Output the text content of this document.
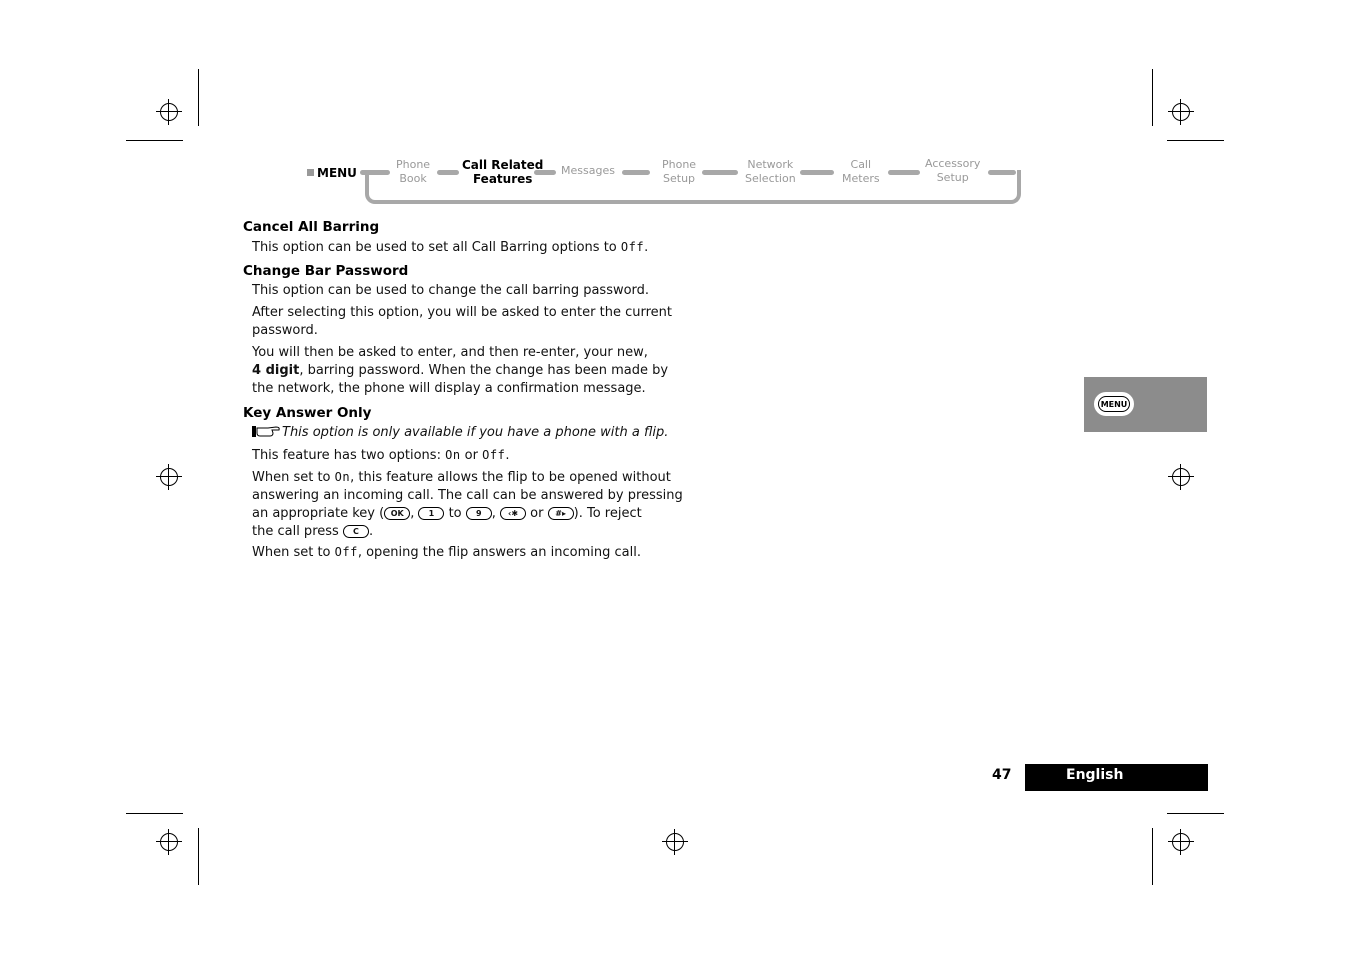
MENU
Phone
Book
Call Related
Features
Messages	Phone
Setup
Network
Selection
Call
Meters
Accessory
Setup
Cancel All Barring
This option can be used to set all Call Barring options to Off.
Change Bar Password
This option can be used to change the call barring password.
After selecting this option, you will be asked to enter the current
password.
You will then be asked to enter, and then re-enter, your new,
4 digit, barring password. When the change has been made by
the network, the phone will display a confirmation message.
Key Answer Only
This option is only available if you have a phone with a flip.
This feature has two options: On or Off.
When set to On, this feature allows the flip to be opened without
answering an incoming call. The call can be answered by pressing
an appropriate key ( OK , 1 to 9 , ‹✱ or #▸ ). To reject
the call press C .
When set to Off, opening the flip answers an incoming call.
MENU
47	English
